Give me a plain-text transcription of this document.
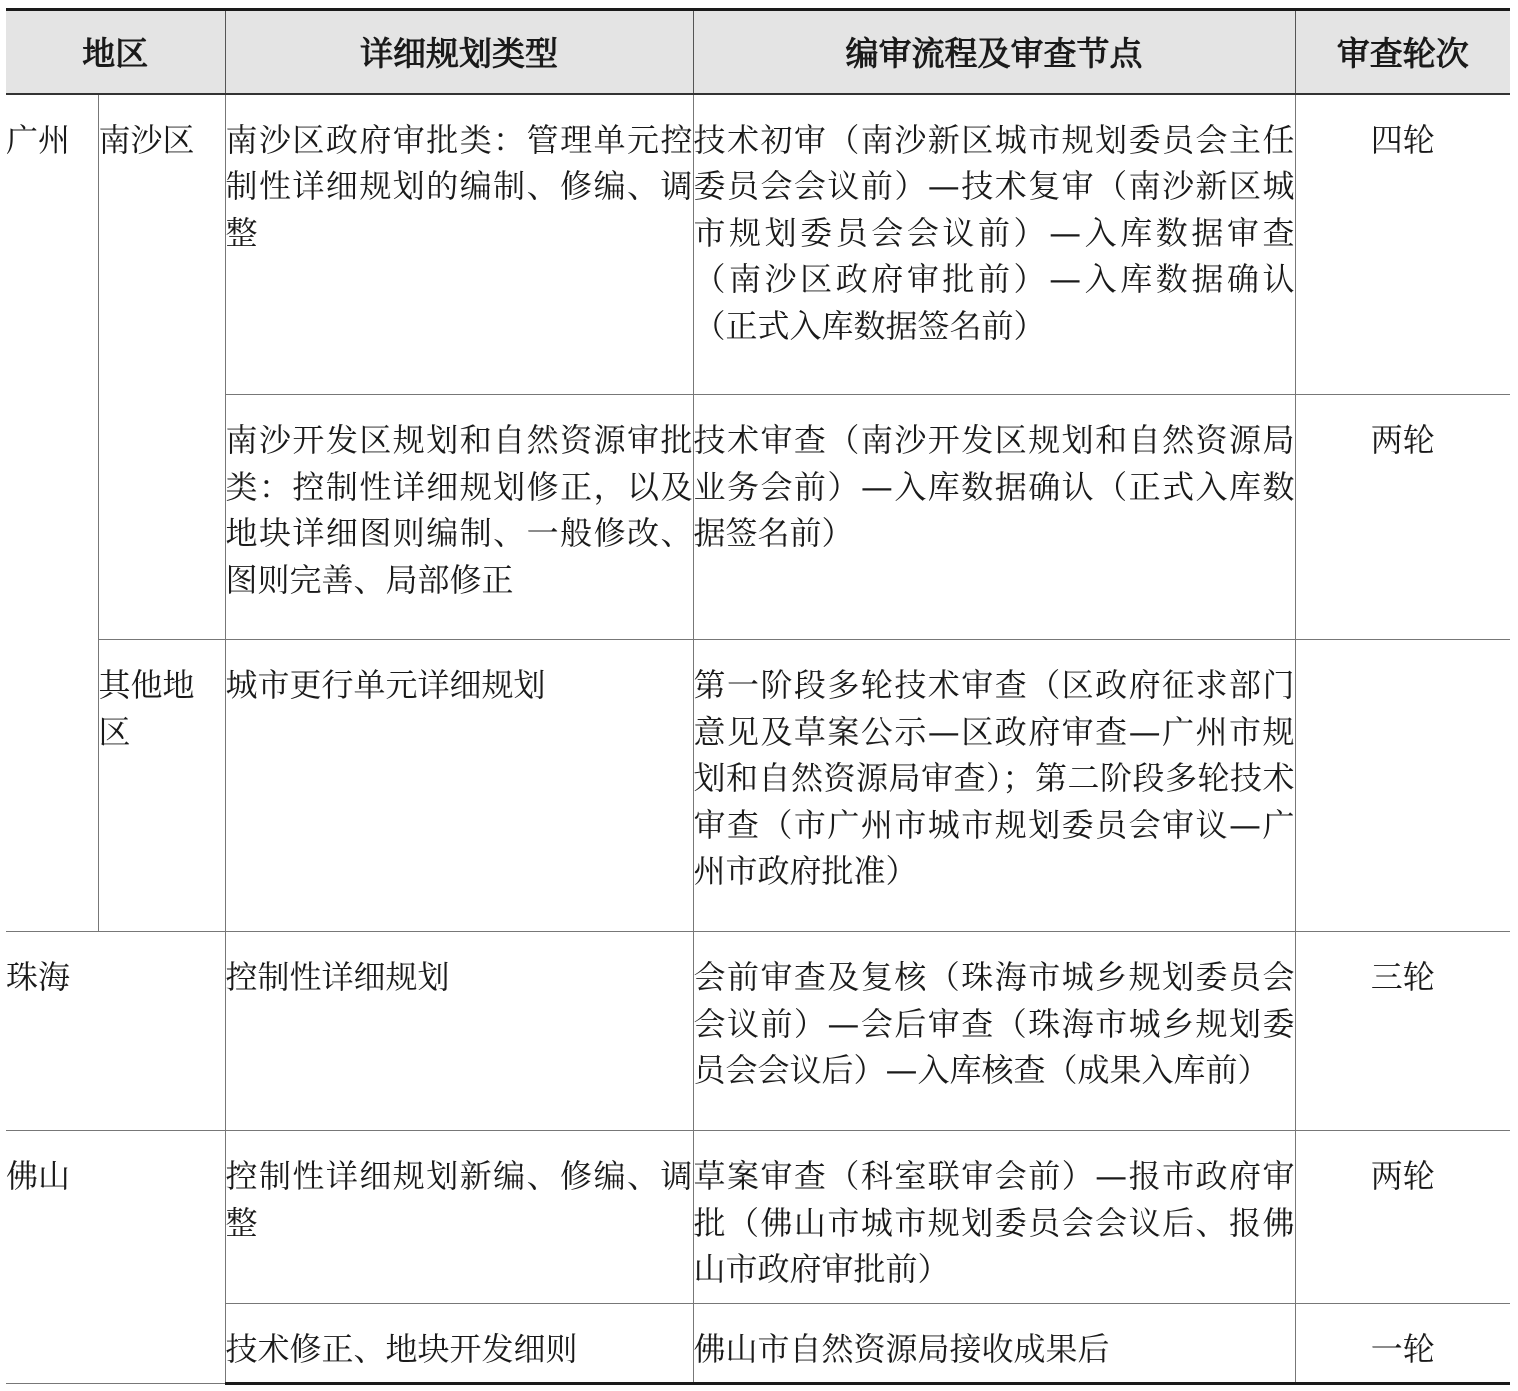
地区		详细规划类型	编审流程及审查节点	审查轮次
广州	南沙区	南沙区政府审批类：管理单元控制性详细规划的编制、修编、调整	技术初审（南沙新区城市规划委员会主任委员会会议前）—技术复审（南沙新区城市规划委员会会议前）—入库数据审查（南沙区政府审批前）—入库数据确认（正式入库数据签名前）	四轮
		南沙开发区规划和自然资源审批类：控制性详细规划修正，以及地块详细图则编制、一般修改、图则完善、局部修正	技术审查（南沙开发区规划和自然资源局业务会前）—入库数据确认（正式入库数据签名前）	两轮
	其他地区	城市更行单元详细规划	第一阶段多轮技术审查（区政府征求部门意见及草案公示—区政府审查—广州市规划和自然资源局审查）；第二阶段多轮技术审查（市广州市城市规划委员会审议—广州市政府批准）	
珠海		控制性详细规划	会前审查及复核（珠海市城乡规划委员会会议前）—会后审查（珠海市城乡规划委员会会议后）—入库核查（成果入库前）	三轮
佛山		控制性详细规划新编、修编、调整	草案审查（科室联审会前）—报市政府审批（佛山市城市规划委员会会议后、报佛山市政府审批前）	两轮
		技术修正、地块开发细则	佛山市自然资源局接收成果后	一轮
